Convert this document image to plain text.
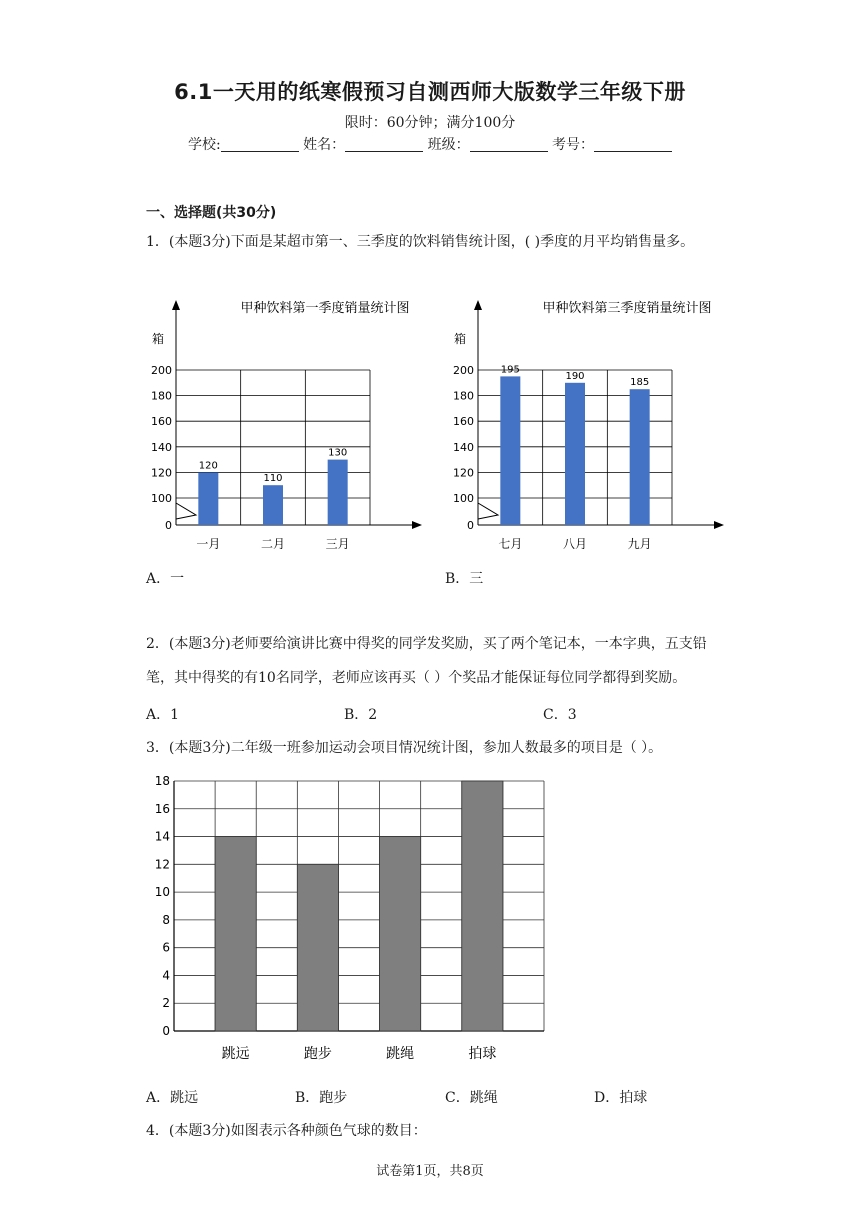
6.1一天用的纸寒假预习自测西师大版数学三年级下册
限时：60分钟；满分100分
学校:	姓名：	班级：	考号：
一、选择题(共30分)
1．(本题3分)下面是某超市第一、三季度的饮料销售统计图，( )季度的月平均销售量多。
甲种饮料第一季度销量统计图
箱
0
100
120
140
160
180
200
120
一月
110
二月
130
三月
甲种饮料第三季度销量统计图
箱
0
100
120
140
160
180
200	195
七月
190
八月
185
九月
A．一	B．三
2．(本题3分)老师要给演讲比赛中得奖的同学发奖励，买了两个笔记本，一本字典，五支铅笔，其中得奖的有10名同学，老师应该再买（ ）个奖品才能保证每位同学都得到奖励。
A．1	B．2	C．3
3．(本题3分)二年级一班参加运动会项目情况统计图，参加人数最多的项目是（ ）。
0
2
4
6
8
10
12
14
16
18
跳远	跑步	跳绳	拍球
A．跳远	B．跑步	C．跳绳	D．拍球
4．(本题3分)如图表示各种颜色气球的数目：
试卷第1页，共8页
